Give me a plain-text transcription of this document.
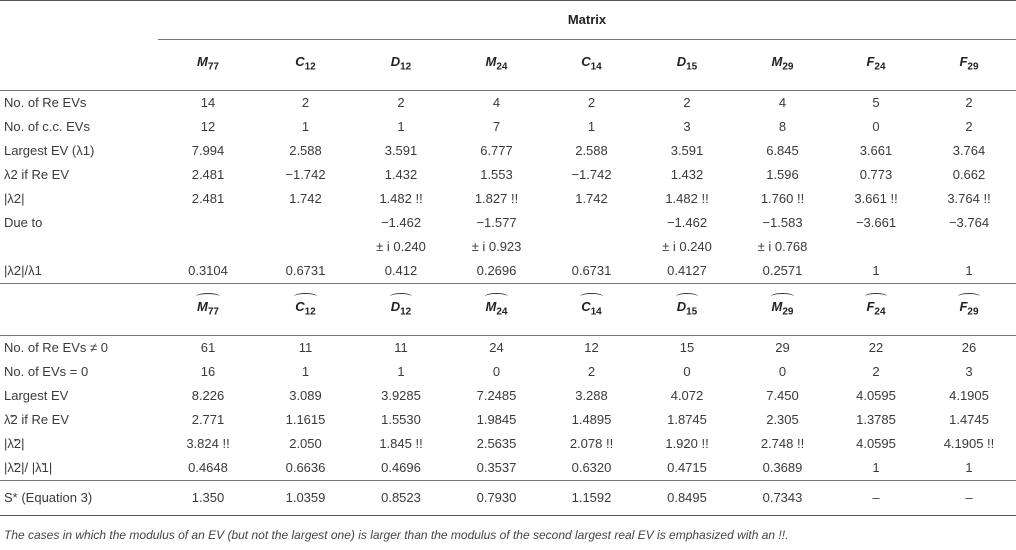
	Matrix								
	$M_{77}$	$C_{12}$	$D_{12}$	$M_{24}$	$C_{14}$	$D_{15}$	$M_{29}$	$F_{24}$	$F_{29}$
No. of Re EVs	14	2	2	4	2	2	4	5	2
No. of c.c. EVs	12	1	1	7	1	3	8	0	2
Largest EV (λ1)	7.994	2.588	3.591	6.777	2.588	3.591	6.845	3.661	3.764
λ2 if Re EV	2.481	−1.742	1.432	1.553	−1.742	1.432	1.596	0.773	0.662
|λ2|	2.481	1.742	1.482 !!	1.827 !!	1.742	1.482 !!	1.760 !!	3.661 !!	3.764 !!
Due to			−1.462	−1.577		−1.462	−1.583	−3.661	−3.764
			± i 0.240	± i 0.923		± i 0.240	± i 0.768		
|λ2|/λ1	0.3104	0.6731	0.412	0.2696	0.6731	0.4127	0.2571	1	1
	$M_{77}$	$C_{12}$	$D_{12}$	$M_{24}$	$C_{14}$	$D_{15}$	$M_{29}$	$F_{24}$	$F_{29}$
No. of Re EVs ≠ 0	61	11	11	24	12	15	29	22	26
No. of EVs = 0	16	1	1	0	2	0	0	2	3
Largest EV	8.226	3.089	3.9285	7.2485	3.288	4.072	7.450	4.0595	4.1905
λ̃2 if Re EV	2.771	1.1615	1.5530	1.9845	1.4895	1.8745	2.305	1.3785	1.4745
|λ̃2|	3.824 !!	2.050	1.845 !!	2.5635	2.078 !!	1.920 !!	2.748 !!	4.0595	4.1905 !!
|λ̃2|/ |λ̃1|	0.4648	0.6636	0.4696	0.3537	0.6320	0.4715	0.3689	1	1
S* (Equation 3)	1.350	1.0359	0.8523	0.7930	1.1592	0.8495	0.7343	–	–
The cases in which the modulus of an EV (but not the largest one) is larger than the modulus of the second largest real EV is emphasized with an !!.
